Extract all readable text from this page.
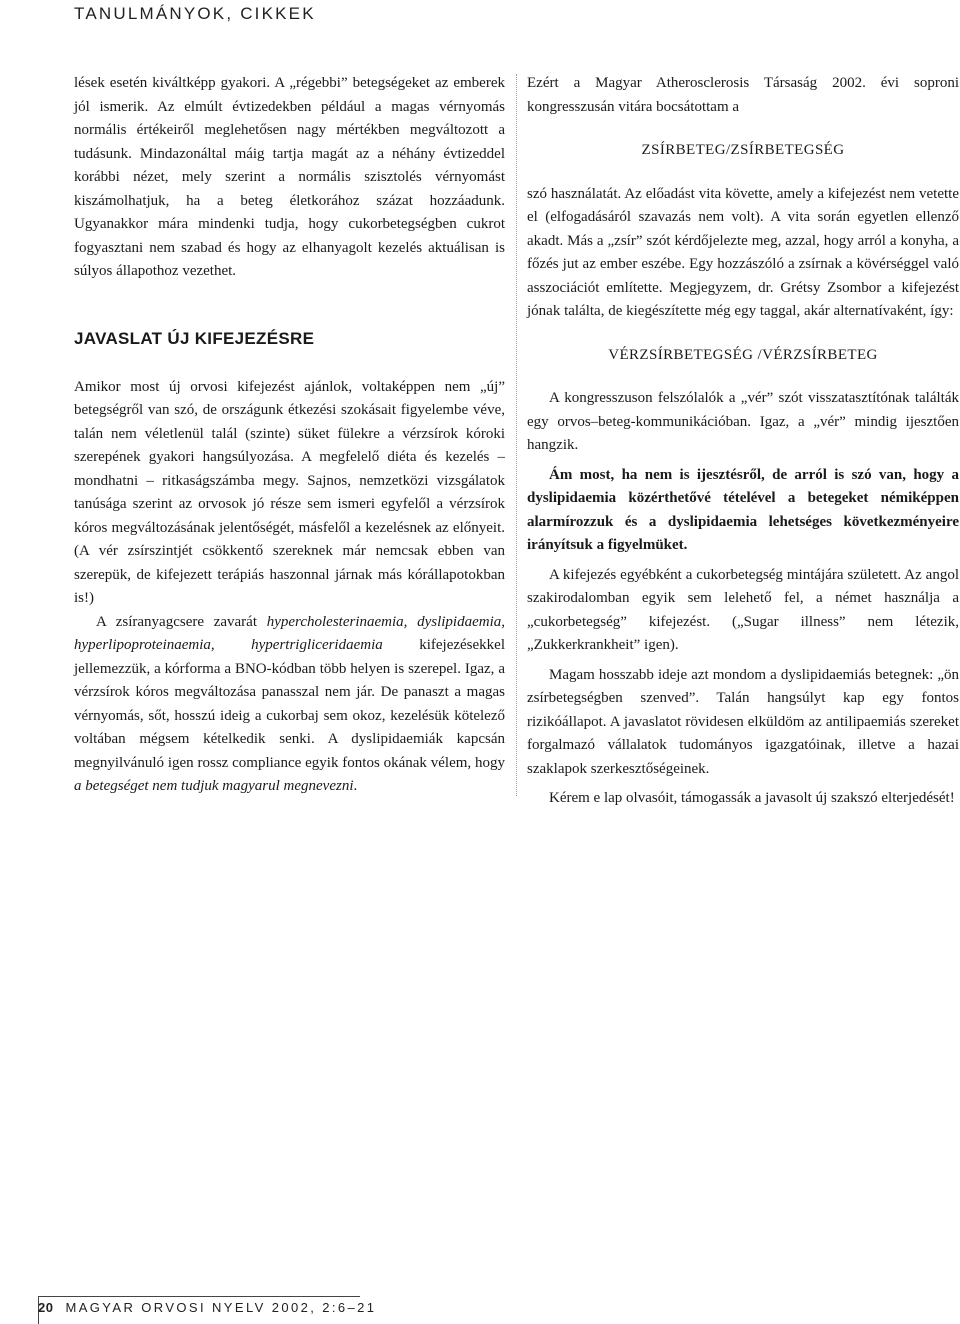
TANULMÁNYOK, CIKKEK

lések esetén kiváltképp gyakori. A „régebbi” betegségeket az emberek jól ismerik. Az elmúlt évtizedekben például a magas vérnyomás normális értékeiről meglehetősen nagy mértékben megváltozott a tudásunk. Mindazonáltal máig tartja magát az a néhány évtizeddel korábbi nézet, mely szerint a normális szisztolés vérnyomást kiszámolhatjuk, ha a beteg életkorához százat hozzáadunk. Ugyanakkor mára mindenki tudja, hogy cukorbetegségben cukrot fogyasztani nem szabad és hogy az elhanyagolt kezelés aktuálisan is súlyos állapothoz vezethet.

JAVASLAT ÚJ KIFEJEZÉSRE

Amikor most új orvosi kifejezést ajánlok, voltaképpen nem „új” betegségről van szó, de országunk étkezési szokásait figyelembe véve, talán nem véletlenül talál (szinte) süket fülekre a vérzsírok kóroki szerepének gyakori hangsúlyozása. A megfelelő diéta és kezelés – mondhatni – ritkaságszámba megy. Sajnos, nemzetközi vizsgálatok tanúsága szerint az orvosok jó része sem ismeri egyfelől a vérzsírok kóros megváltozásának jelentőségét, másfelől a kezelésnek az előnyeit. (A vér zsírszintjét csökkentő szereknek már nemcsak ebben van szerepük, de kifejezett terápiás haszonnal járnak más kórállapotokban is!)

A zsíranyagcsere zavarát hypercholesterinaemia, dyslipidaemia, hyperlipoproteinaemia, hypertrigliceridaemia kifejezésekkel jellemezzük, a kórforma a BNO-kódban több helyen is szerepel. Igaz, a vérzsírok kóros megváltozása panasszal nem jár. De panaszt a magas vérnyomás, sőt, hosszú ideig a cukorbaj sem okoz, kezelésük kötelező voltában mégsem kételkedik senki. A dyslipidaemiák kapcsán megnyilvánuló igen rossz compliance egyik fontos okának vélem, hogy a betegséget nem tudjuk magyarul megnevezni.

Ezért a Magyar Atherosclerosis Társaság 2002. évi soproni kongresszusán vitára bocsátottam a

ZSÍRBETEG/ZSÍRBETEGSÉG

szó használatát. Az előadást vita követte, amely a kifejezést nem vetette el (elfogadásáról szavazás nem volt). A vita során egyetlen ellenző akadt. Más a „zsír” szót kérdőjelezte meg, azzal, hogy arról a konyha, a főzés jut az ember eszébe. Egy hozzászóló a zsírnak a kövérséggel való asszociációt említette. Megjegyzem, dr. Grétsy Zsombor a kifejezést jónak találta, de kiegészítette még egy taggal, akár alternatívaként, így:

VÉRZSÍRBETEGSÉG /VÉRZSÍRBETEG

A kongresszuson felszólalók a „vér” szót visszatasztítónak találták egy orvos–beteg-kommunikációban. Igaz, a „vér” mindig ijesztően hangzik.

Ám most, ha nem is ijesztésről, de arról is szó van, hogy a dyslipidaemia közérthetővé tételével a betegeket némiképpen alarmírozzuk és a dyslipidaemia lehetséges következményeire irányítsuk a figyelmüket.

A kifejezés egyébként a cukorbetegség mintájára született. Az angol szakirodalomban egyik sem lelehető fel, a német használja a „cukorbetegség” kifejezést. („Sugar illness” nem létezik, „Zukkerkrankheit” igen).

Magam hosszabb ideje azt mondom a dyslipidaemiás betegnek: „ön zsírbetegségben szenved”. Talán hangsúlyt kap egy fontos rizikóállapot. A javaslatot rövidesen elküldöm az antilipaemiás szereket forgalmazó vállalatok tudományos igazgatóinak, illetve a hazai szaklapok szerkesztőségeinek.

Kérem e lap olvasóit, támogassák a javasolt új szakszó elterjedését!

20 MAGYAR ORVOSI NYELV 2002, 2:6–21
